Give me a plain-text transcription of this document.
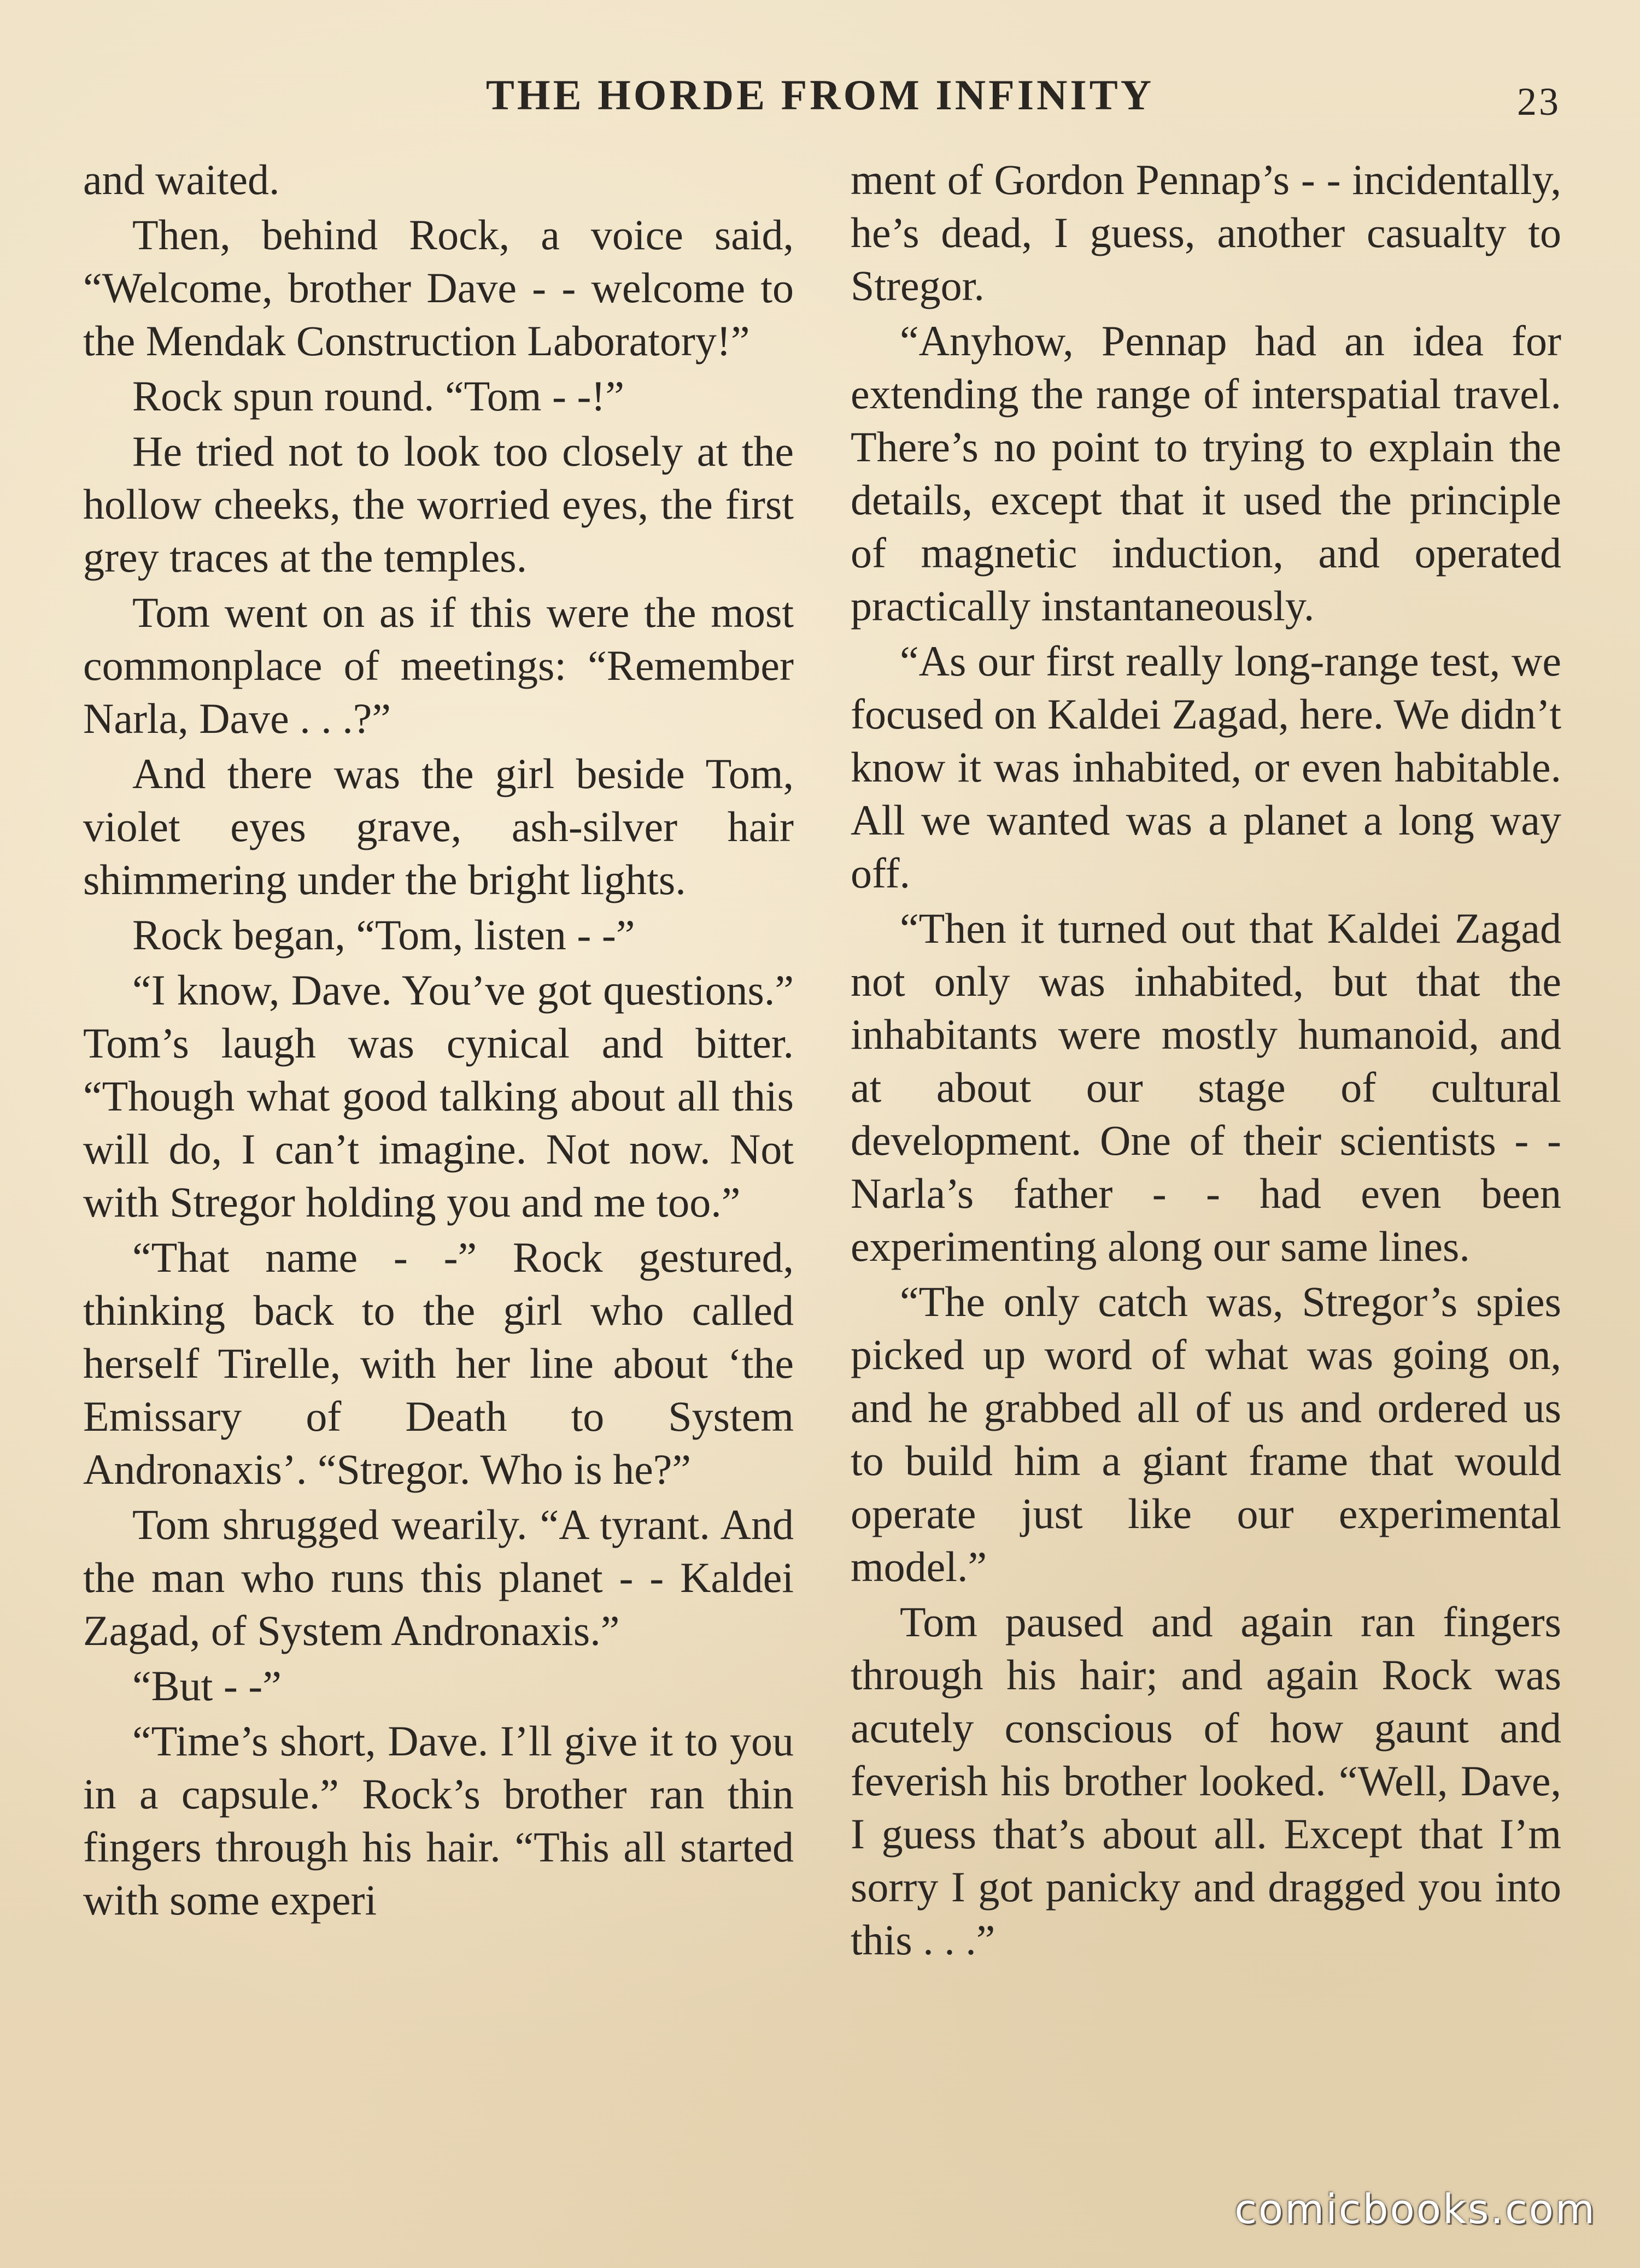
THE HORDE FROM INFINITY	23

and waited.

Then, behind Rock, a voice said, “Welcome, brother Dave - - welcome to the Mendak Construction Laboratory!”

Rock spun round. “Tom - -!”

He tried not to look too closely at the hollow cheeks, the worried eyes, the first grey traces at the temples.

Tom went on as if this were the most commonplace of meetings: “Remember Narla, Dave . . .?”

And there was the girl beside Tom, violet eyes grave, ash-silver hair shimmering under the bright lights.

Rock began, “Tom, listen - -”

“I know, Dave. You’ve got questions.” Tom’s laugh was cynical and bitter. “Though what good talking about all this will do, I can’t imagine. Not now. Not with Stregor holding you and me too.”

“That name - -” Rock gestured, thinking back to the girl who called herself Tirelle, with her line about ‘the Emissary of Death to System Andronaxis’. “Stregor. Who is he?”

Tom shrugged wearily. “A tyrant. And the man who runs this planet - - Kaldei Zagad, of System Andronaxis.”

“But - -”

“Time’s short, Dave. I’ll give it to you in a capsule.” Rock’s brother ran thin fingers through his hair. “This all started with some experi

ment of Gordon Pennap’s - - incidentally, he’s dead, I guess, another casualty to Stregor.

“Anyhow, Pennap had an idea for extending the range of interspatial travel. There’s no point to trying to explain the details, except that it used the principle of magnetic induction, and operated practically instantaneously.

“As our first really long-range test, we focused on Kaldei Zagad, here. We didn’t know it was inhabited, or even habitable. All we wanted was a planet a long way off.

“Then it turned out that Kaldei Zagad not only was inhabited, but that the inhabitants were mostly humanoid, and at about our stage of cultural development. One of their scientists - - Narla’s father - - had even been experimenting along our same lines.

“The only catch was, Stregor’s spies picked up word of what was going on, and he grabbed all of us and ordered us to build him a giant frame that would operate just like our experimental model.”

Tom paused and again ran fingers through his hair; and again Rock was acutely conscious of how gaunt and feverish his brother looked. “Well, Dave, I guess that’s about all. Except that I’m sorry I got panicky and dragged you into this . . .”

comicbooks.com
